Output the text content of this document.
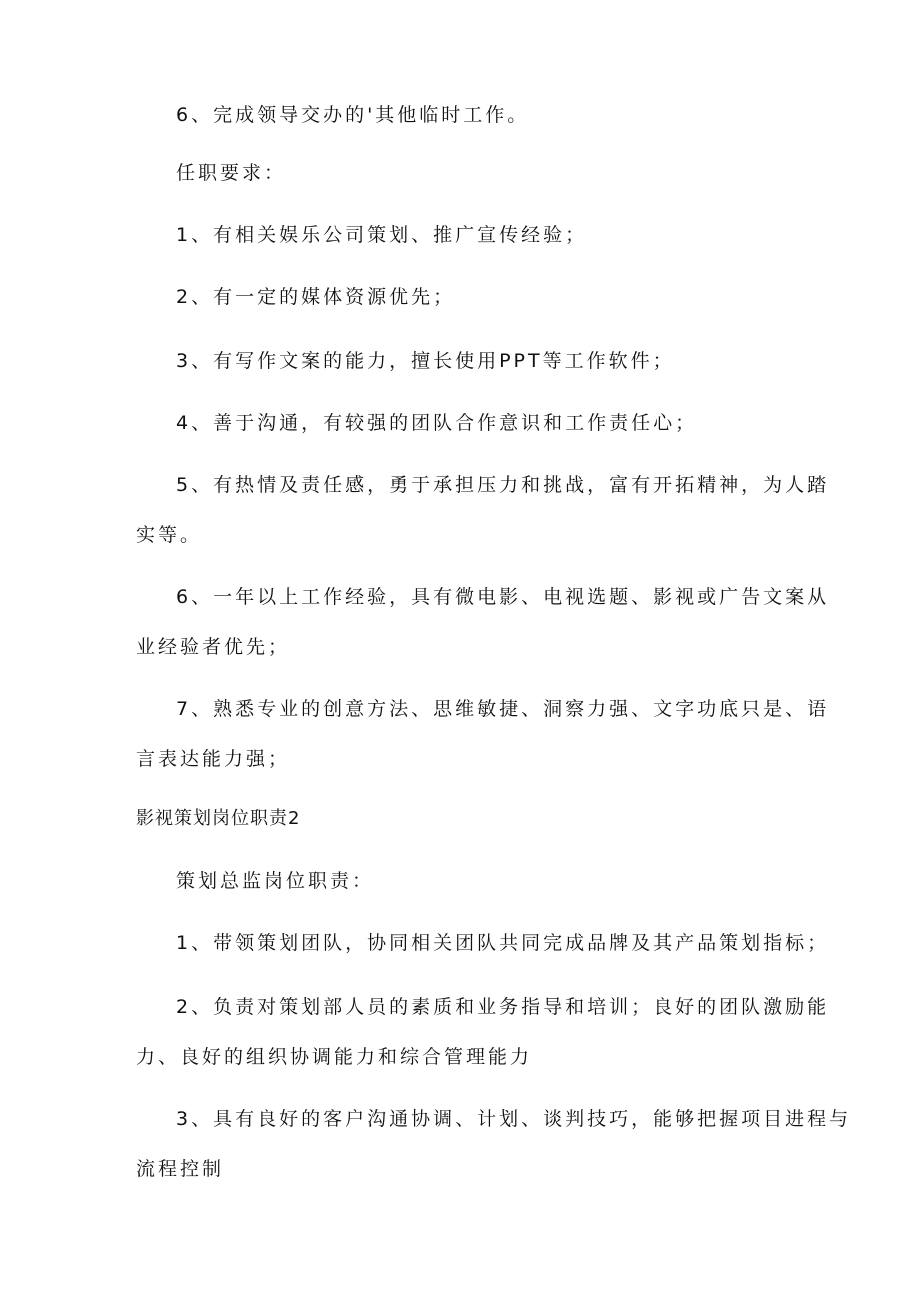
6、完成领导交办的'其他临时工作。

任职要求：

1、有相关娱乐公司策划、推广宣传经验；

2、有一定的媒体资源优先；

3、有写作文案的能力，擅长使用PPT等工作软件；

4、善于沟通，有较强的团队合作意识和工作责任心；

5、有热情及责任感，勇于承担压力和挑战，富有开拓精神，为人踏

实等。

6、一年以上工作经验，具有微电影、电视选题、影视或广告文案从

业经验者优先；

7、熟悉专业的创意方法、思维敏捷、洞察力强、文字功底只是、语

言表达能力强；

影视策划岗位职责2

策划总监岗位职责：

1、带领策划团队，协同相关团队共同完成品牌及其产品策划指标；

2、负责对策划部人员的素质和业务指导和培训；良好的团队激励能

力、良好的组织协调能力和综合管理能力

3、具有良好的客户沟通协调、计划、谈判技巧，能够把握项目进程与

流程控制
